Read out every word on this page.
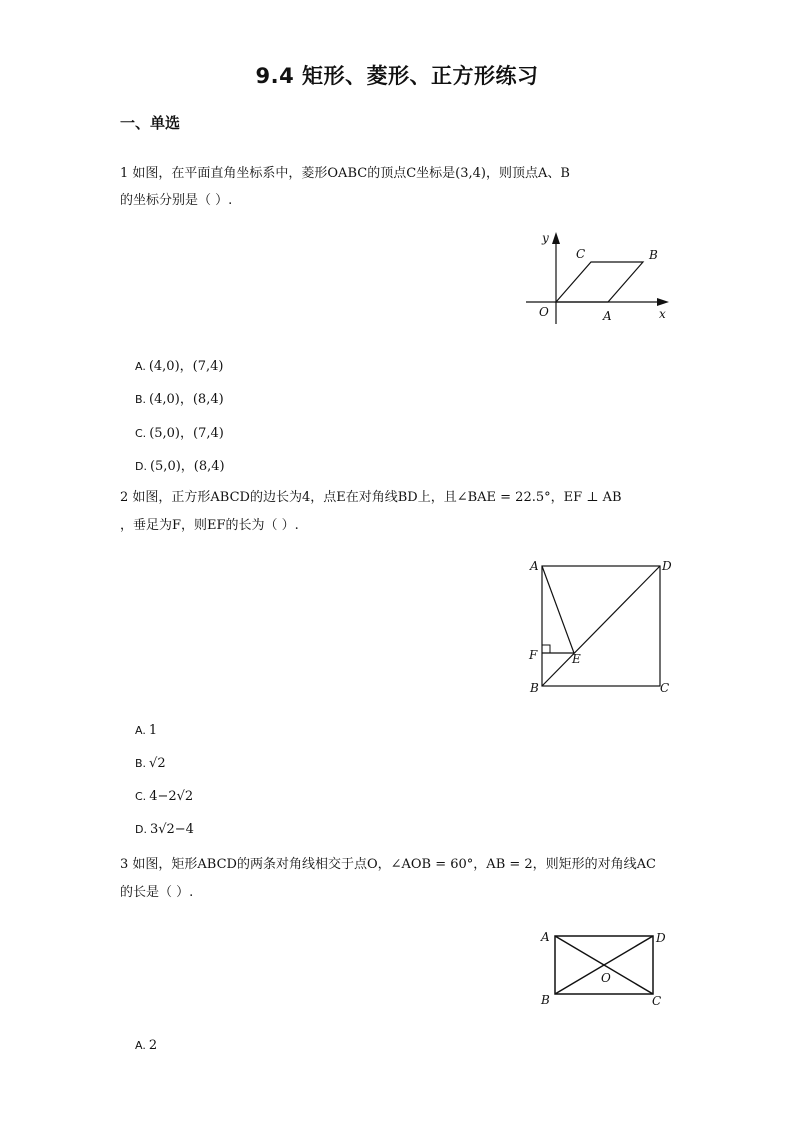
9.4 矩形、菱形、正方形练习
一、单选
1 如图，在平面直角坐标系中，菱形OABC的顶点C坐标是(3,4)，则顶点A、B
的坐标分别是（ ）.
y
x
O	A
B
C
A. (4,0)，(7,4)
B. (4,0)，(8,4)
C. (5,0)，(7,4)
D. (5,0)，(8,4)
2 如图，正方形ABCD的边长为4，点E在对角线BD上，且∠BAE = 22.5°，EF ⊥ AB
，垂足为F，则EF的长为（ ）.
A	D
B	C
F	E
A. 1
B. √2
C. 4−2√2
D. 3√2−4
3 如图，矩形ABCD的两条对角线相交于点O，∠AOB = 60°，AB = 2，则矩形的对角线AC
的长是（ ）.
A	D
B	C
O
A. 2
